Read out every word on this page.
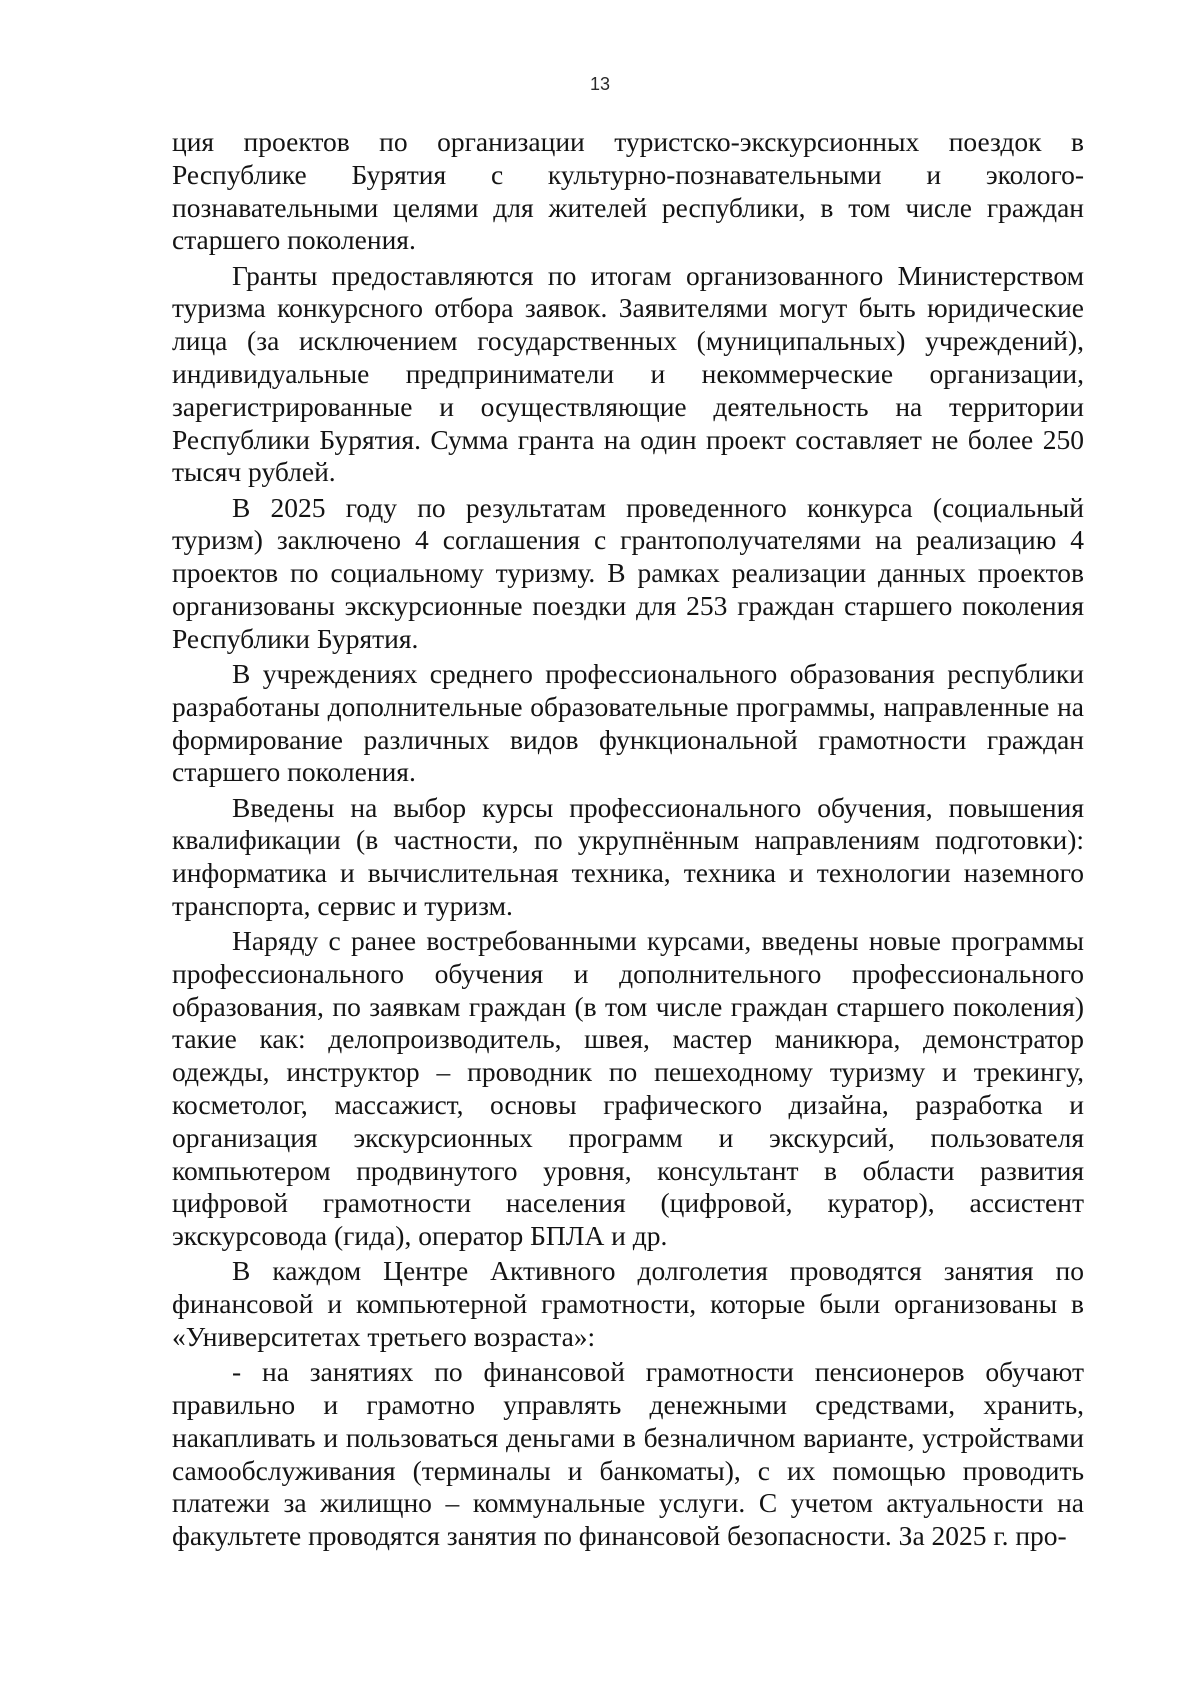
13

ция проектов по организации туристско-экскурсионных поездок в Республике Бурятия с культурно-познавательными и эколого-познавательными целями для жителей республики, в том числе граждан старшего поколения.

Гранты предоставляются по итогам организованного Министерством туризма конкурсного отбора заявок. Заявителями могут быть юридические лица (за исключением государственных (муниципальных) учреждений), индивидуальные предприниматели и некоммерческие организации, зарегистрированные и осуществляющие деятельность на территории Республики Бурятия. Сумма гранта на один проект составляет не более 250 тысяч рублей.

В 2025 году по результатам проведенного конкурса (социальный туризм) заключено 4 соглашения с грантополучателями на реализацию 4 проектов по социальному туризму. В рамках реализации данных проектов организованы экскурсионные поездки для 253 граждан старшего поколения Республики Бурятия.

В учреждениях среднего профессионального образования республики разработаны дополнительные образовательные программы, направленные на формирование различных видов функциональной грамотности граждан старшего поколения.

Введены на выбор курсы профессионального обучения, повышения квалификации (в частности, по укрупнённым направлениям подготовки): информатика и вычислительная техника, техника и технологии наземного транспорта, сервис и туризм.

Наряду с ранее востребованными курсами, введены новые программы профессионального обучения и дополнительного профессионального образования, по заявкам граждан (в том числе граждан старшего поколения) такие как: делопроизводитель, швея, мастер маникюра, демонстратор одежды, инструктор – проводник по пешеходному туризму и трекингу, косметолог, массажист, основы графического дизайна, разработка и организация экскурсионных программ и экскурсий, пользователя компьютером продвинутого уровня, консультант в области развития цифровой грамотности населения (цифровой, куратор), ассистент экскурсовода (гида), оператор БПЛА и др.

В каждом Центре Активного долголетия проводятся занятия по финансовой и компьютерной грамотности, которые были организованы в «Университетах третьего возраста»:

- на занятиях по финансовой грамотности пенсионеров обучают правильно и грамотно управлять денежными средствами, хранить, накапливать и пользоваться деньгами в безналичном варианте, устройствами самообслуживания (терминалы и банкоматы), с их помощью проводить платежи за жилищно – коммунальные услуги. С учетом актуальности на факультете проводятся занятия по финансовой безопасности. За 2025 г. про-
